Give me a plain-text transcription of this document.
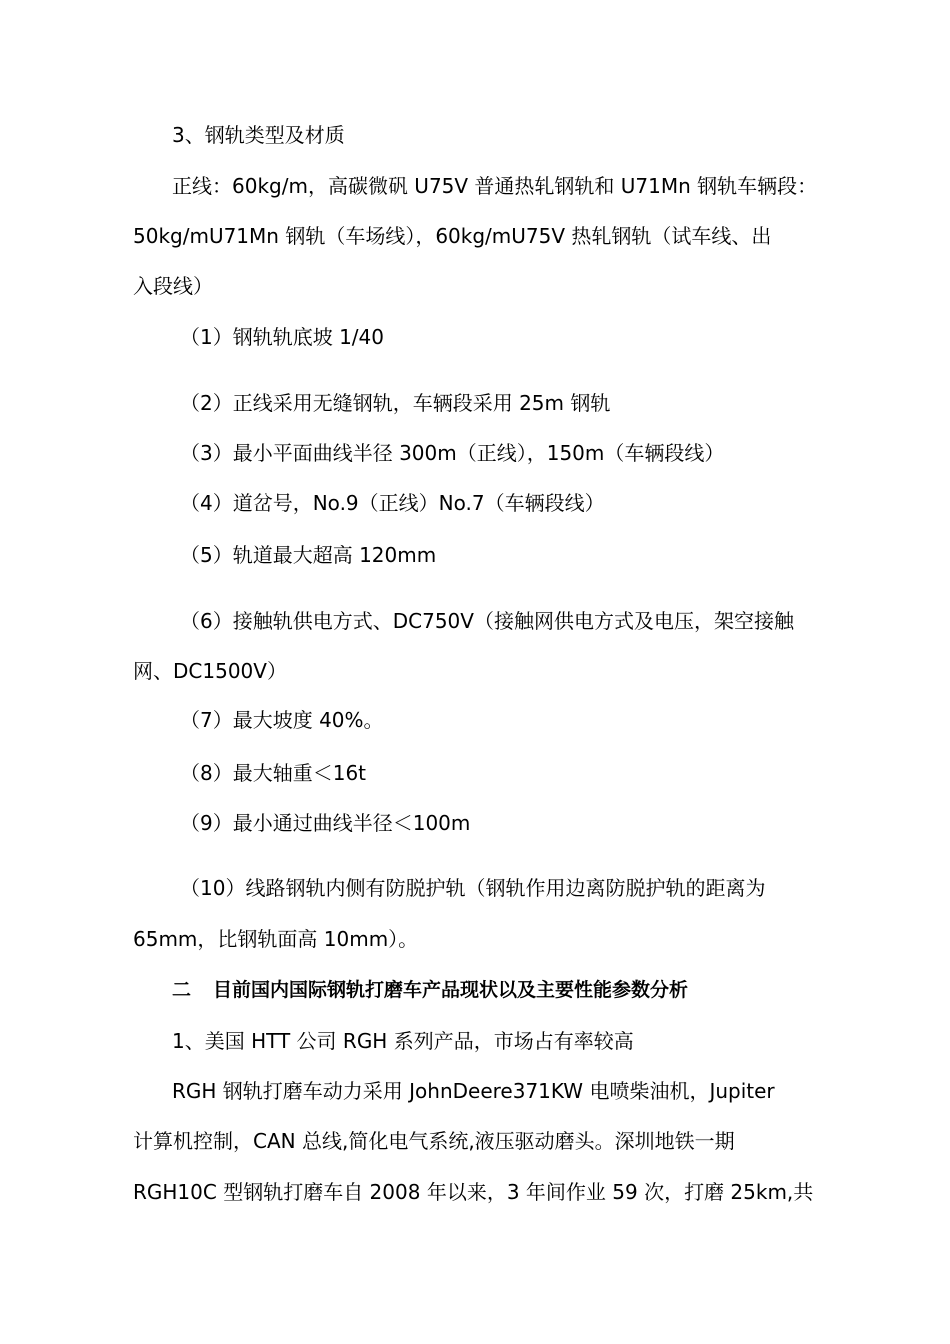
3、钢轨类型及材质
正线：60kg/m，高碳微矾 U75V 普通热轧钢轨和 U71Mn 钢轨车辆段：
50kg/mU71Mn 钢轨（车场线），60kg/mU75V 热轧钢轨（试车线、出
入段线）
（1）钢轨轨底坡 1/40
（2）正线采用无缝钢轨，车辆段采用 25m 钢轨
（3）最小平面曲线半径 300m（正线），150m（车辆段线）
（4）道岔号，No.9（正线）No.7（车辆段线）
（5）轨道最大超高 120mm
（6）接触轨供电方式、DC750V（接触网供电方式及电压，架空接触
网、DC1500V）
（7）最大坡度 40%。
（8）最大轴重＜16t
（9）最小通过曲线半径＜100m
（10）线路钢轨内侧有防脱护轨（钢轨作用边离防脱护轨的距离为
65mm，比钢轨面高 10mm）。
二 目前国内国际钢轨打磨车产品现状以及主要性能参数分析
1、美国 HTT 公司 RGH 系列产品，市场占有率较高
RGH 钢轨打磨车动力采用 JohnDeere371KW 电喷柴油机，Jupiter
计算机控制，CAN 总线,简化电气系统,液压驱动磨头。深圳地铁一期
RGH10C 型钢轨打磨车自 2008 年以来，3 年间作业 59 次，打磨 25km,共
